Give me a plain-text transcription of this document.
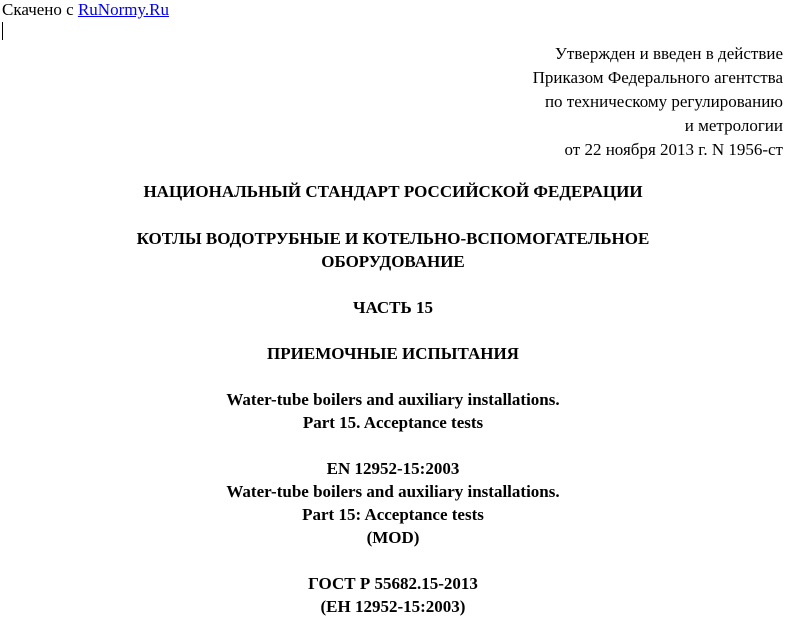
Скачено с RuNormy.Ru
Утвержден и введен в действие
Приказом Федерального агентства
по техническому регулированию
и метрологии
от 22 ноября 2013 г. N 1956-ст
НАЦИОНАЛЬНЫЙ СТАНДАРТ РОССИЙСКОЙ ФЕДЕРАЦИИ
КОТЛЫ ВОДОТРУБНЫЕ И КОТЕЛЬНО-ВСПОМОГАТЕЛЬНОЕ
ОБОРУДОВАНИЕ
ЧАСТЬ 15
ПРИЕМОЧНЫЕ ИСПЫТАНИЯ
Water-tube boilers and auxiliary installations.
Part 15. Acceptance tests
EN 12952-15:2003
Water-tube boilers and auxiliary installations.
Part 15: Acceptance tests
(MOD)
ГОСТ Р 55682.15-2013
(ЕН 12952-15:2003)
